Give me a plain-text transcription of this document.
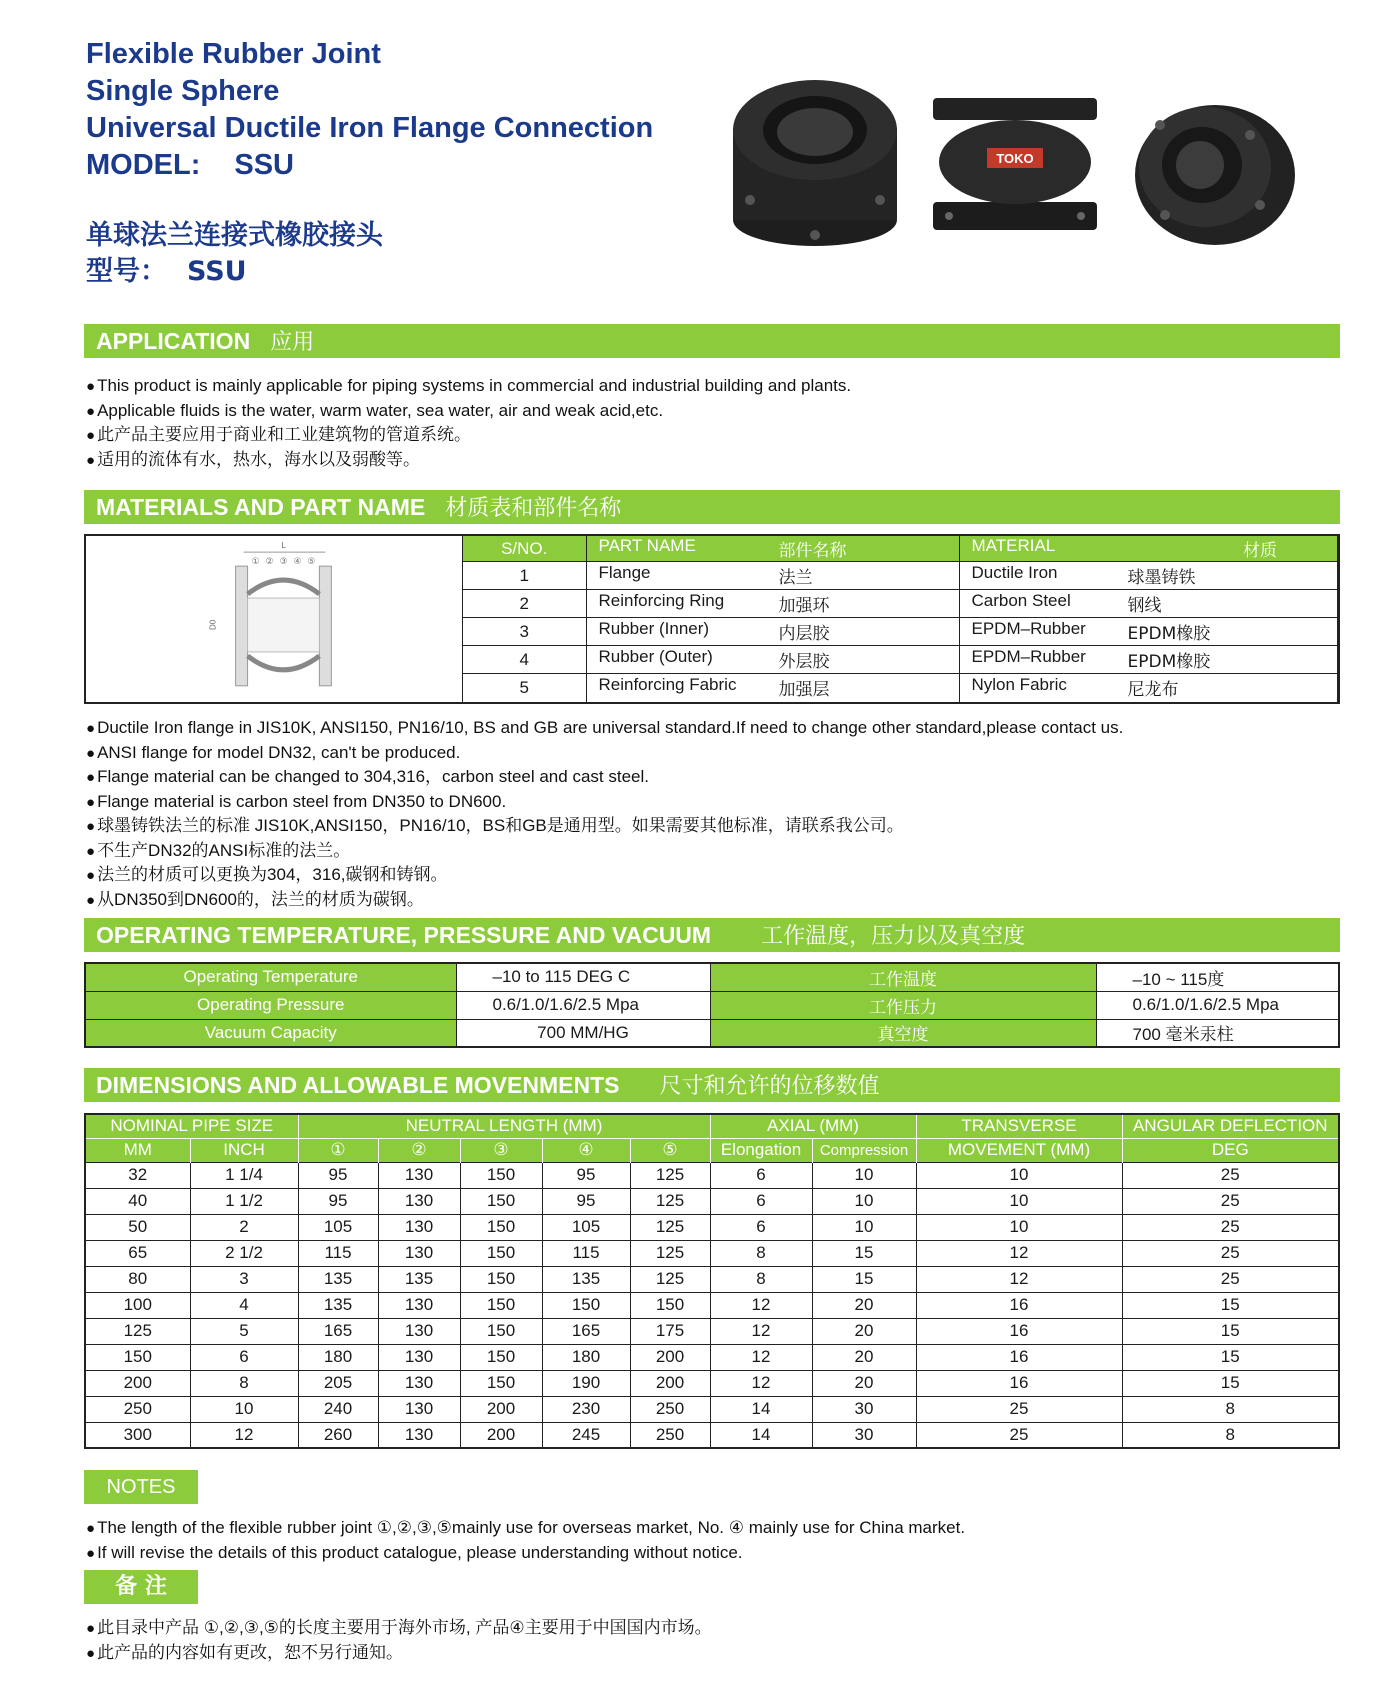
Flexible Rubber Joint
Single Sphere
Universal Ductile Iron Flange Connection
MODEL: SSU
单球法兰连接式橡胶接头
型号： SSU
TOKO
APPLICATION 应用
● This product is mainly applicable for piping systems in commercial and industrial building and plants.
● Applicable fluids is the water, warm water, sea water, air and weak acid,etc.
● 此产品主要应用于商业和工业建筑物的管道系统。
● 适用的流体有水，热水，海水以及弱酸等。
MATERIALS AND PART NAME 材质表和部件名称
L
① ② ③ ④ ⑤
D0
S/NO.	PART NAME 部件名称	MATERIAL 材质

1	Flange 法兰	Ductile Iron 球墨铸铁

2	Reinforcing Ring 加强环	Carbon Steel 钢线

3	Rubber (Inner) 内层胶	EPDM–Rubber EPDM橡胶

4	Rubber (Outer) 外层胶	EPDM–Rubber EPDM橡胶

5	Reinforcing Fabric 加强层	Nylon Fabric 尼龙布
● Ductile Iron flange in JIS10K, ANSI150, PN16/10, BS and GB are universal standard.If need to change other standard,please contact us.
● ANSI flange for model DN32, can't be produced.
● Flange material can be changed to 304,316，carbon steel and cast steel.
● Flange material is carbon steel from DN350 to DN600.
● 球墨铸铁法兰的标准 JIS10K,ANSI150，PN16/10，BS和GB是通用型。如果需要其他标准，请联系我公司。
● 不生产DN32的ANSI标准的法兰。
● 法兰的材质可以更换为304，316,碳钢和铸钢。
● 从DN350到DN600的，法兰的材质为碳钢。
OPERATING TEMPERATURE, PRESSURE AND VACUUM 工作温度，压力以及真空度
Operating Temperature	–10 to 115 DEG C	工作温度	–10 ~ 115度
Operating Pressure	0.6/1.0/1.6/2.5 Mpa	工作压力	0.6/1.0/1.6/2.5 Mpa
Vacuum Capacity	700 MM/HG	真空度	700 毫米汞柱
DIMENSIONS AND ALLOWABLE MOVENMENTS 尺寸和允许的位移数值
NOMINAL PIPE SIZE		NEUTRAL LENGTH (MM)					AXIAL (MM)		TRANSVERSE	ANGULAR DEFLECTION
MM	INCH	①	②	③	④	⑤	Elongation	Compression	MOVEMENT (MM)	DEG
32	1 1/4	95	130	150	95	125	6	10	10	25
40	1 1/2	95	130	150	95	125	6	10	10	25
50	2	105	130	150	105	125	6	10	10	25
65	2 1/2	115	130	150	115	125	8	15	12	25
80	3	135	135	150	135	125	8	15	12	25
100	4	135	130	150	150	150	12	20	16	15
125	5	165	130	150	165	175	12	20	16	15
150	6	180	130	150	180	200	12	20	16	15
200	8	205	130	150	190	200	12	20	16	15
250	10	240	130	200	230	250	14	30	25	8
300	12	260	130	200	245	250	14	30	25	8
NOTES
● The length of the flexible rubber joint ①,②,③,⑤mainly use for overseas market, No. ④ mainly use for China market.
● If will revise the details of this product catalogue, please understanding without notice.
备 注
● 此目录中产品 ①,②,③,⑤的长度主要用于海外市场, 产品④主要用于中国国内市场。
● 此产品的内容如有更改，恕不另行通知。
